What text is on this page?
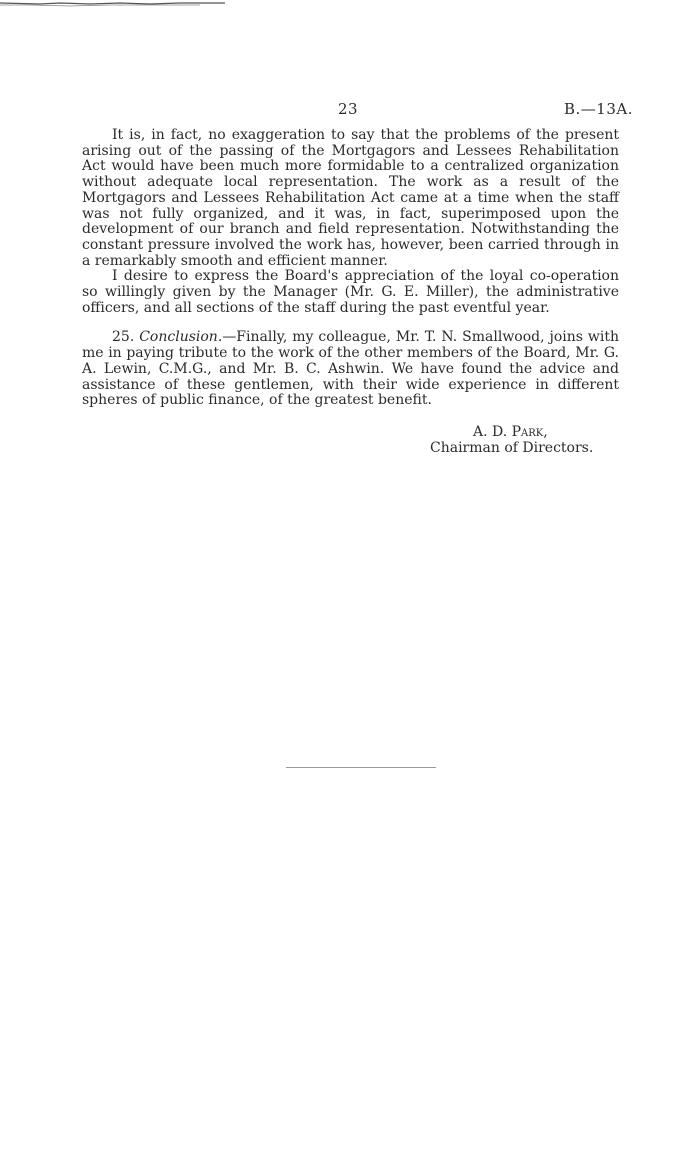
23	B.—13A.

It is, in fact, no exaggeration to say that the problems of the present arising out of the passing of the Mortgagors and Lessees Rehabilitation Act would have been much more formidable to a centralized organization without adequate local representation. The work as a result of the Mortgagors and Lessees Rehabilitation Act came at a time when the staff was not fully organized, and it was, in fact, superimposed upon the development of our branch and field representation. Notwithstanding the constant pressure involved the work has, however, been carried through in a remarkably smooth and efficient manner.

I desire to express the Board's appreciation of the loyal co-operation so willingly given by the Manager (Mr. G. E. Miller), the administrative officers, and all sections of the staff during the past eventful year.

25. Conclusion.—Finally, my colleague, Mr. T. N. Smallwood, joins with me in paying tribute to the work of the other members of the Board, Mr. G. A. Lewin, C.M.G., and Mr. B. C. Ashwin. We have found the advice and assistance of these gentlemen, with their wide experience in different spheres of public finance, of the greatest benefit.

A. D. Park,
Chairman of Directors.
